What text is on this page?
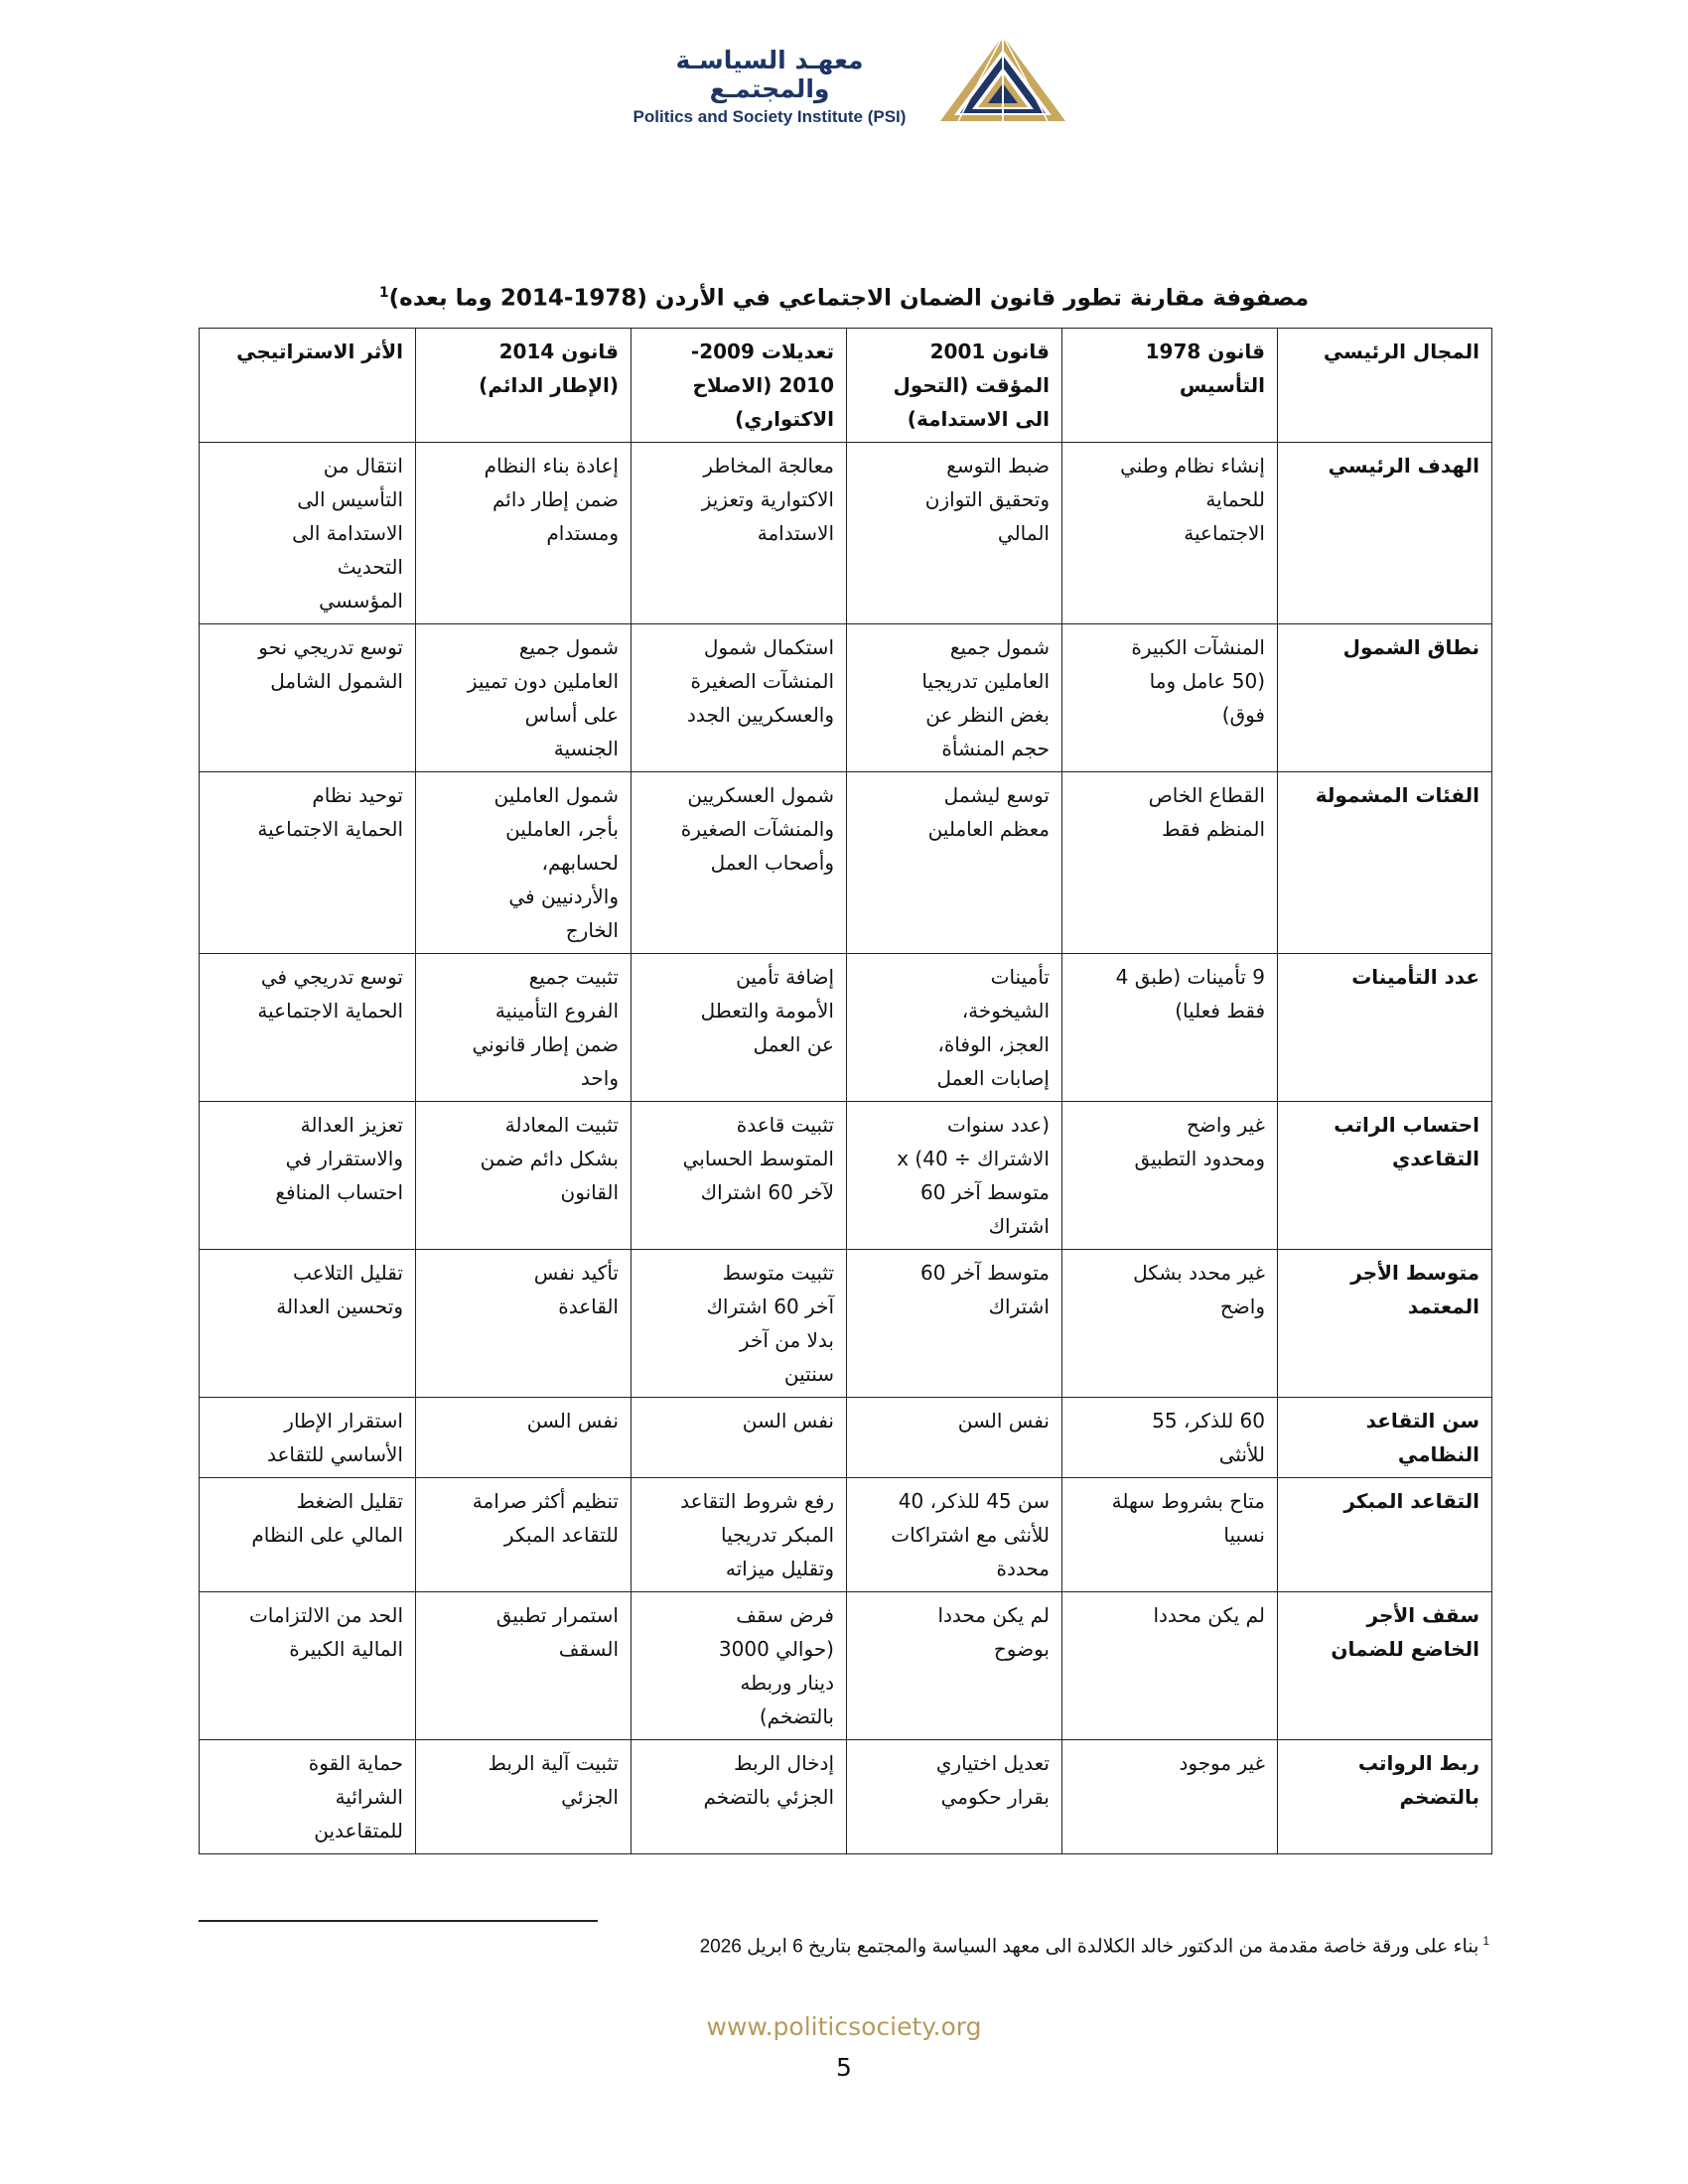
معهـد السياسـة والمجتمـع
Politics and Society Institute (PSI)
مصفوفة مقارنة تطور قانون الضمان الاجتماعي في الأردن (1978-2014 وما بعده)$^1$
المجال الرئيسي	قانون 1978
التأسيس	قانون 2001
المؤقت (التحول
الى الاستدامة)	تعديلات 2009-
2010 (الاصلاح
الاكتواري)	قانون 2014
(الإطار الدائم)	الأثر الاستراتيجي

الهدف الرئيسي	إنشاء نظام وطني
للحماية
الاجتماعية	ضبط التوسع
وتحقيق التوازن
المالي	معالجة المخاطر
الاكتوارية وتعزيز
الاستدامة	إعادة بناء النظام
ضمن إطار دائم
ومستدام	انتقال من
التأسيس الى
الاستدامة الى
التحديث
المؤسسي

نطاق الشمول	المنشآت الكبيرة
(50 عامل وما
فوق)	شمول جميع
العاملين تدريجيا
بغض النظر عن
حجم المنشأة	استكمال شمول
المنشآت الصغيرة
والعسكريين الجدد	شمول جميع
العاملين دون تمييز
على أساس
الجنسية	توسع تدريجي نحو
الشمول الشامل

الفئات المشمولة	القطاع الخاص
المنظم فقط	توسع ليشمل
معظم العاملين	شمول العسكريين
والمنشآت الصغيرة
وأصحاب العمل	شمول العاملين
بأجر، العاملين
لحسابهم،
والأردنيين في
الخارج	توحيد نظام
الحماية الاجتماعية

عدد التأمينات	9 تأمينات (طبق 4
فقط فعليا)	تأمينات
الشيخوخة،
العجز، الوفاة،
إصابات العمل	إضافة تأمين
الأمومة والتعطل
عن العمل	تثبيت جميع
الفروع التأمينية
ضمن إطار قانوني
واحد	توسع تدريجي في
الحماية الاجتماعية

احتساب الراتب
التقاعدي	غير واضح
ومحدود التطبيق	(عدد سنوات
الاشتراك ÷ 40) x
متوسط آخر 60
اشتراك	تثبيت قاعدة
المتوسط الحسابي
لآخر 60 اشتراك	تثبيت المعادلة
بشكل دائم ضمن
القانون	تعزيز العدالة
والاستقرار في
احتساب المنافع

متوسط الأجر
المعتمد	غير محدد بشكل
واضح	متوسط آخر 60
اشتراك	تثبيت متوسط
آخر 60 اشتراك
بدلا من آخر
سنتين	تأكيد نفس
القاعدة	تقليل التلاعب
وتحسين العدالة

سن التقاعد
النظامي	60 للذكر، 55
للأنثى	نفس السن	نفس السن	نفس السن	استقرار الإطار
الأساسي للتقاعد

التقاعد المبكر	متاح بشروط سهلة
نسبيا	سن 45 للذكر، 40
للأنثى مع اشتراكات
محددة	رفع شروط التقاعد
المبكر تدريجيا
وتقليل ميزاته	تنظيم أكثر صرامة
للتقاعد المبكر	تقليل الضغط
المالي على النظام

سقف الأجر
الخاضع للضمان	لم يكن محددا	لم يكن محددا
بوضوح	فرض سقف
(حوالي 3000
دينار وربطه
بالتضخم)	استمرار تطبيق
السقف	الحد من الالتزامات
المالية الكبيرة

ربط الرواتب
بالتضخم	غير موجود	تعديل اختياري
بقرار حكومي	إدخال الربط
الجزئي بالتضخم	تثبيت آلية الربط
الجزئي	حماية القوة
الشرائية
للمتقاعدين
$^1$بناء على ورقة خاصة مقدمة من الدكتور خالد الكلالدة الى معهد السياسة والمجتمع بتاريخ 6 ابريل 2026
www.politicsociety.org
5
